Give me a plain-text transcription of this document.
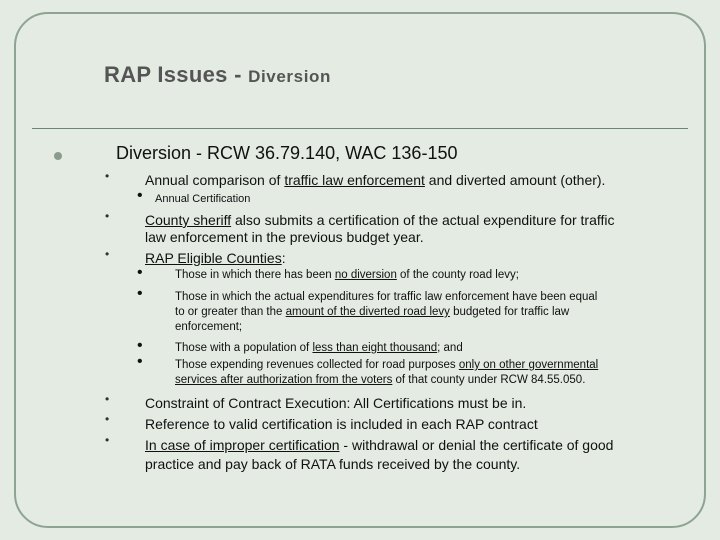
RAP Issues - Diversion
Diversion - RCW 36.79.140, WAC 136-150
•	Annual comparison of traffic law enforcement and diverted amount (other).
• Annual Certification
•	County sheriff also submits a certification of the actual expenditure for traffic
law enforcement in the previous budget year.
•	RAP Eligible Counties:
•	Those in which there has been no diversion of the county road levy;
•	Those in which the actual expenditures for traffic law enforcement have been equal
to or greater than the amount of the diverted road levy budgeted for traffic law
enforcement;
•	Those with a population of less than eight thousand; and
•	Those expending revenues collected for road purposes only on other governmental
services after authorization from the voters of that county under RCW 84.55.050.
•	Constraint of Contract Execution: All Certifications must be in.
•	Reference to valid certification is included in each RAP contract
•	In case of improper certification - withdrawal or denial the certificate of good
practice and pay back of RATA funds received by the county.
